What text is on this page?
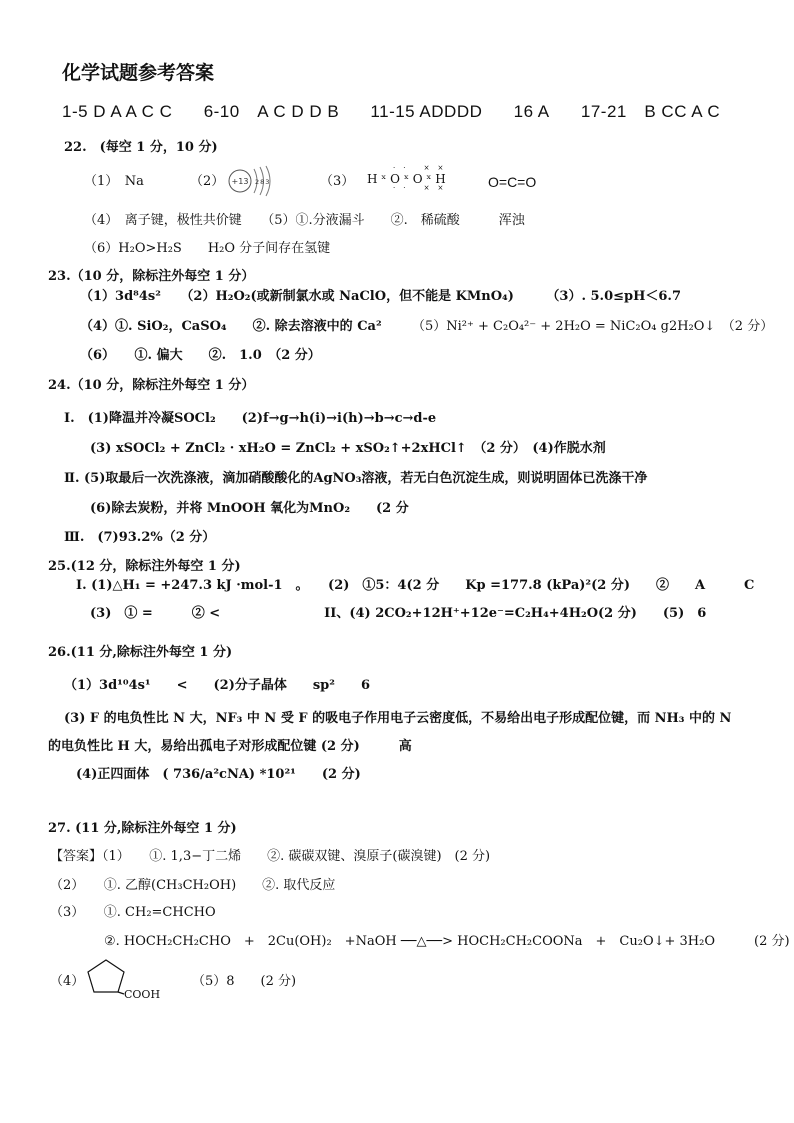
化学试题参考答案
1-5 D A A C C 6-10　A C D D B 11-15 ADDDD 16 A 17-21　B CC A C
22.　(每空 1 分，10 分)
（1）　Na	（2） +13 283	（3）
·· ××
H ˣ O ˣ O ˣ H
·· ××	O=C=O
（4）　离子键，极性共价键　　（5）①.分液漏斗　　②.　稀硫酸　　　浑浊
（6）H₂O>H₂S　　H₂O 分子间存在氢键
23.（10 分，除标注外每空 1 分）
（1）3d⁸4s²　　（2）H₂O₂(或新制氯水或 NaClO，但不能是 KMnO₄)　　　（3）. 5.0≤pH＜6.7
（4）①. SiO₂，CaSO₄　　②. 除去溶液中的 Ca² （5）Ni²⁺ + C₂O₄²⁻ + 2H₂O = NiC₂O₄ g2H₂O↓　（2 分）
（6）　　①. 偏大　　②.　1.0　（2 分）
24.（10 分，除标注外每空 1 分）
Ⅰ.　(1)降温并冷凝SOCl₂　　(2)f→g→h(i)→i(h)→b→c→d-e
(3) xSOCl₂ + ZnCl₂ · xH₂O = ZnCl₂ + xSO₂↑+2xHCl↑　（2 分）　(4)作脱水剂
Ⅱ. (5)取最后一次洗涤液，滴加硝酸酸化的AgNO₃溶液，若无白色沉淀生成，则说明固体已洗涤干净
(6)除去炭粉，并将 MnOOH 氧化为MnO₂　　(2 分
Ⅲ.　(7)93.2%（2 分）
25.(12 分，除标注外每空 1 分)
I. (1)△H₁ = +247.3 kJ ·mol-1　。　　(2)　①5：4(2 分　　Kp =177.8 (kPa)²(2 分)　　②　　A　　　C
(3)　① =　　　② <　　　　　　　　II、(4) 2CO₂+12H⁺+12e⁻=C₂H₄+4H₂O(2 分)　　(5)　6
26.(11 分,除标注外每空 1 分)
（1）3d¹⁰4s¹　　<　　(2)分子晶体　　sp²　　6
(3) F 的电负性比 N 大，NF₃ 中 N 受 F 的吸电子作用电子云密度低，不易给出电子形成配位键，而 NH₃ 中的 N
的电负性比 H 大，易给出孤电子对形成配位键 (2 分)　　　高
(4)正四面体　( 736/a²cNA) *10²¹　　(2 分)
27. (11 分,除标注外每空 1 分)
【答案】（1）　　①. 1,3−丁二烯　　②. 碳碳双键、溴原子(碳溴键)　(2 分)
（2）　　①. 乙醇(CH₃CH₂OH)　　②. 取代反应
（3）　　①. CH₂=CHCHO
②. HOCH₂CH₂CHO　+　2Cu(OH)₂　+NaOH ──△──> HOCH₂CH₂COONa　+　Cu₂O↓+ 3H₂O　　　(2 分)
（4）
COOH
（5）8　　(2 分)
